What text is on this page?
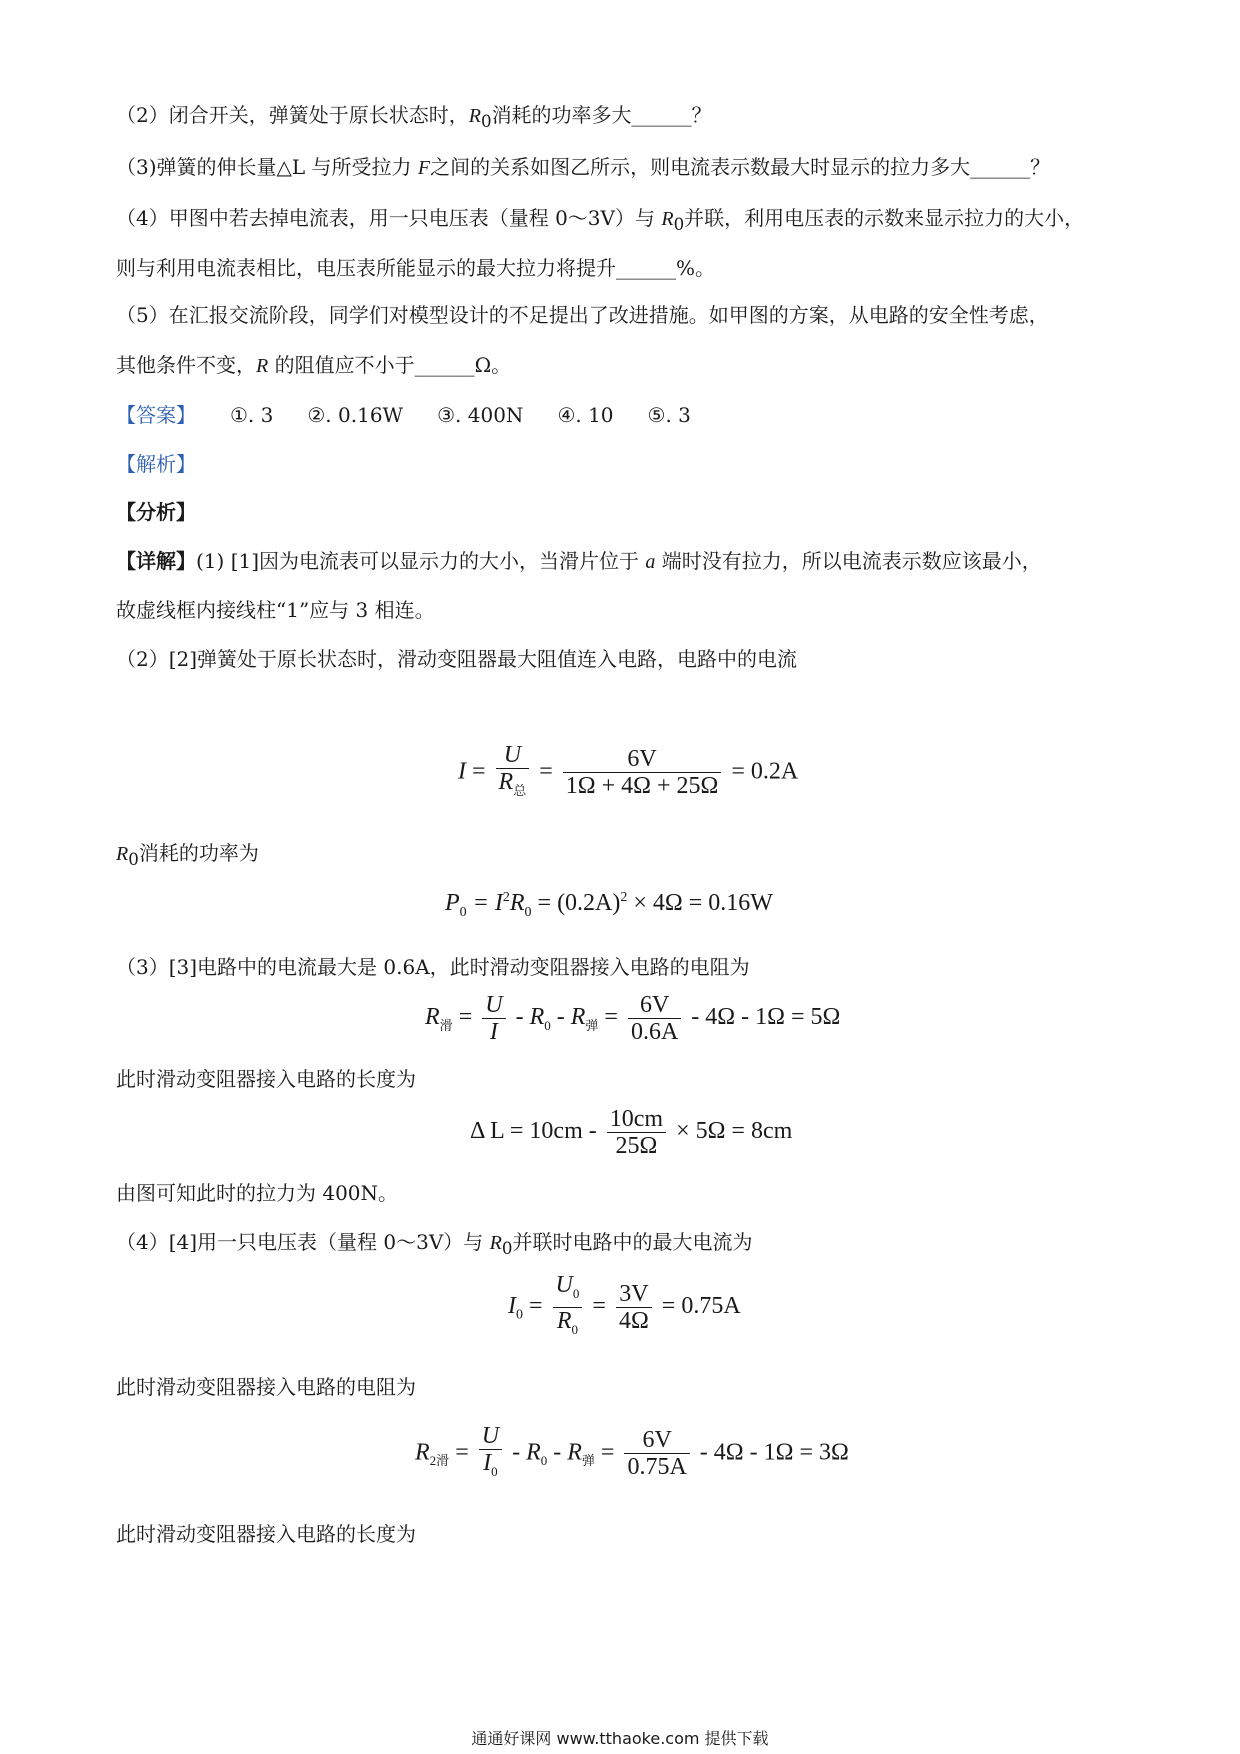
（2）闭合开关，弹簧处于原长状态时，$R_0$消耗的功率多大______？
（3)弹簧的伸长量△L 与所受拉力 F之间的关系如图乙所示，则电流表示数最大时显示的拉力多大______？
（4）甲图中若去掉电流表，用一只电压表（量程 0～3V）与 $R_0$并联，利用电压表的示数来显示拉力的大小，
则与利用电流表相比，电压表所能显示的最大拉力将提升______%。
（5）在汇报交流阶段，同学们对模型设计的不足提出了改进措施。如甲图的方案，从电路的安全性考虑，
其他条件不变，R 的阻值应不小于______Ω。
【答案】 ①. 3 ②. 0.16W ③. 400N ④. 10 ⑤. 3
【解析】
【分析】
【详解】(1) [1]因为电流表可以显示力的大小，当滑片位于 a 端时没有拉力，所以电流表示数应该最小，
故虚线框内接线柱“1”应与 3 相连。
（2）[2]弹簧处于原长状态时，滑动变阻器最大阻值连入电路，电路中的电流
$I = \frac{U}{R_总} = \frac{6V}{1\Omega + 4\Omega + 25\Omega} = 0.2A$
$R_0$消耗的功率为
$P_0 = I^2R_0 = (0.2A)^2 \times 4\Omega = 0.16W$
（3）[3]电路中的电流最大是 0.6A，此时滑动变阻器接入电路的电阻为
$R_滑 = \frac{U}{I} - R_0 - R_弹 = \frac{6V}{0.6A} - 4\Omega - 1\Omega = 5\Omega$
此时滑动变阻器接入电路的长度为
Δ $L = 10cm - \frac{10cm}{25\Omega} \times 5\Omega = 8cm$
由图可知此时的拉力为 400N。
（4）[4]用一只电压表（量程 0～3V）与 $R_0$并联时电路中的最大电流为
$I_0 = \frac{U_0}{R_0} = \frac{3V}{4\Omega} = 0.75A$
此时滑动变阻器接入电路的电阻为
$R_{2滑} = \frac{U}{I_0} - R_0 - R_弹 = \frac{6V}{0.75A} - 4\Omega - 1\Omega = 3\Omega$
此时滑动变阻器接入电路的长度为
通通好课网 www.tthaoke.com 提供下载
